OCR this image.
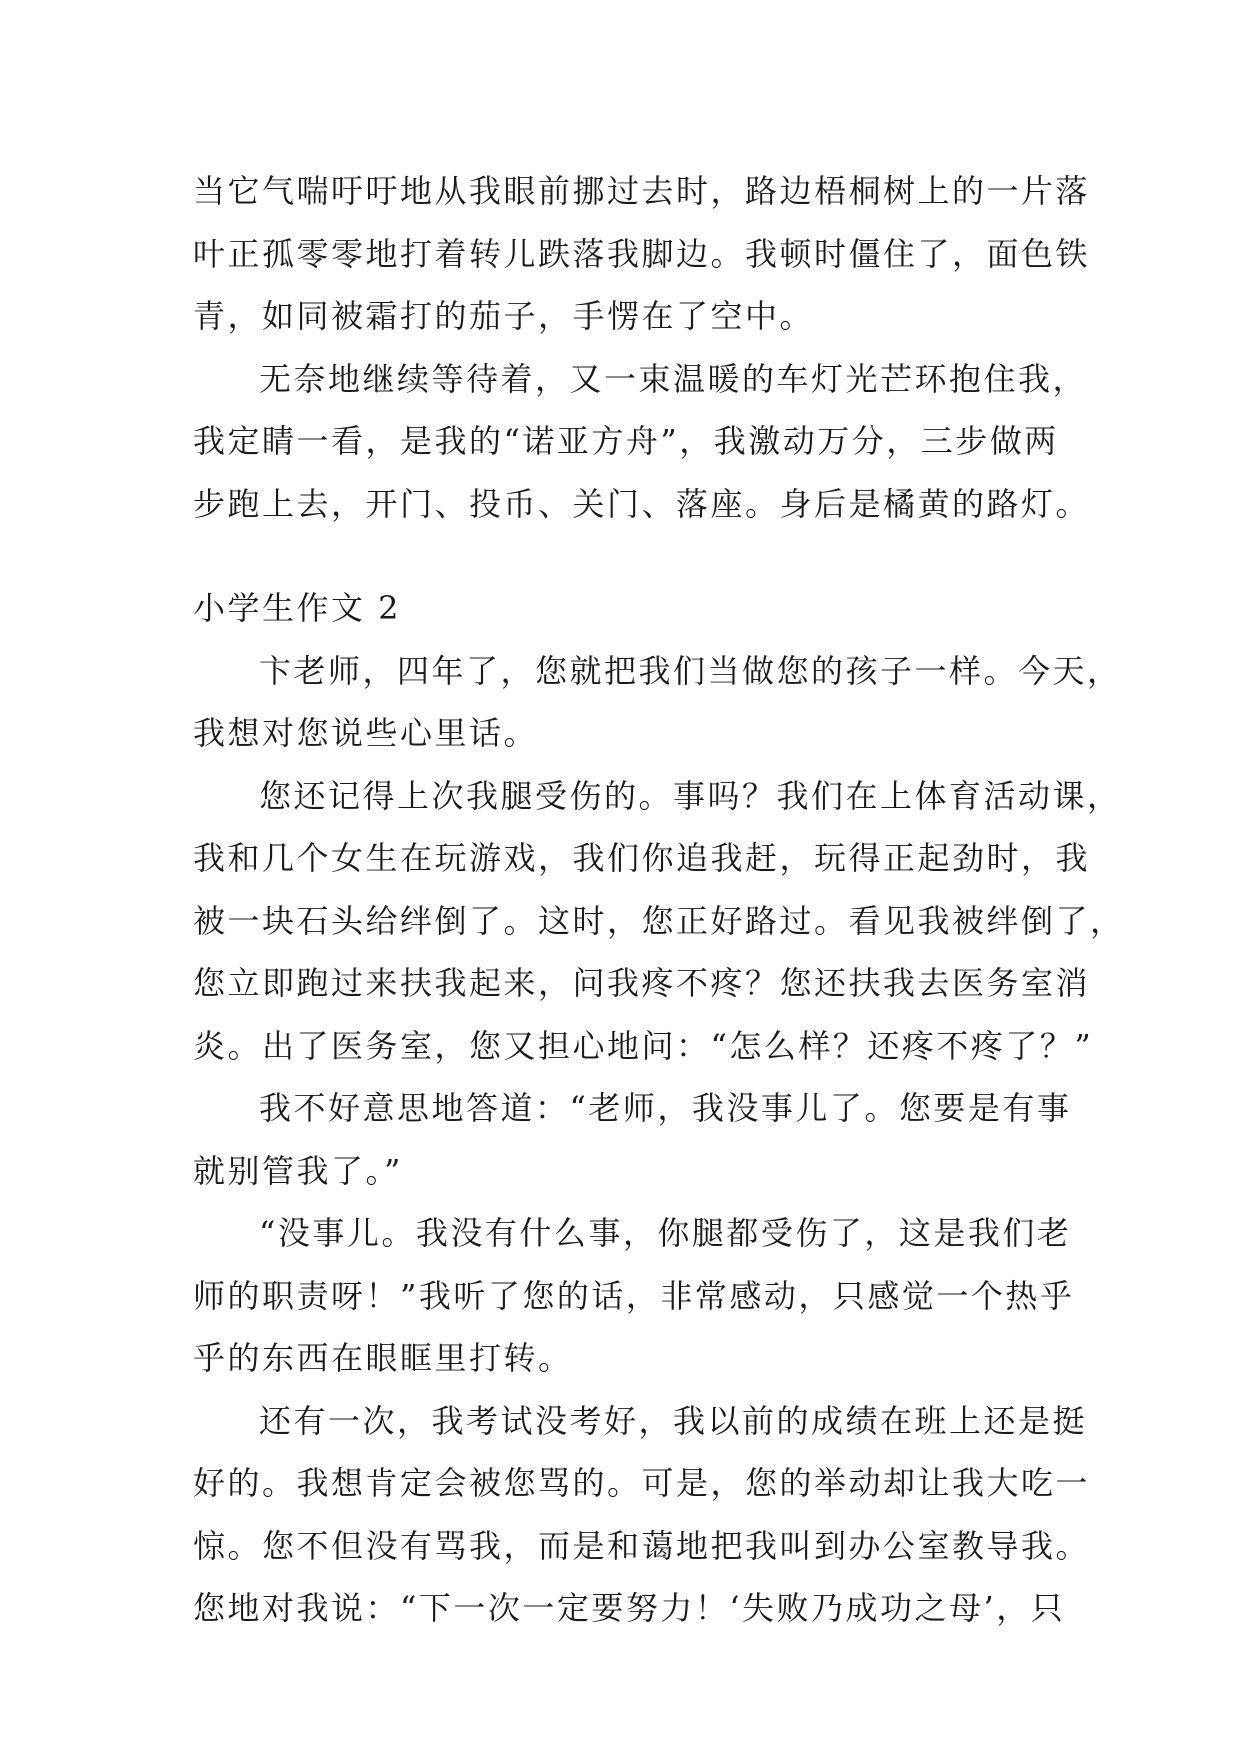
当它气喘吁吁地从我眼前挪过去时，路边梧桐树上的一片落
叶正孤零零地打着转儿跌落我脚边。我顿时僵住了，面色铁
青，如同被霜打的茄子，手愣在了空中。
无奈地继续等待着，又一束温暖的车灯光芒环抱住我，
我定睛一看，是我的“诺亚方舟”，我激动万分，三步做两
步跑上去，开门、投币、关门、落座。身后是橘黄的路灯。
小学生作文 2
卞老师，四年了，您就把我们当做您的孩子一样。今天，
我想对您说些心里话。
您还记得上次我腿受伤的。事吗？我们在上体育活动课，
我和几个女生在玩游戏，我们你追我赶，玩得正起劲时，我
被一块石头给绊倒了。这时，您正好路过。看见我被绊倒了，
您立即跑过来扶我起来，问我疼不疼？您还扶我去医务室消
炎。出了医务室，您又担心地问：“怎么样？还疼不疼了？”
我不好意思地答道：“老师，我没事儿了。您要是有事
就别管我了。”
“没事儿。我没有什么事，你腿都受伤了，这是我们老
师的职责呀！”我听了您的话，非常感动，只感觉一个热乎
乎的东西在眼眶里打转。
还有一次，我考试没考好，我以前的成绩在班上还是挺
好的。我想肯定会被您骂的。可是，您的举动却让我大吃一
惊。您不但没有骂我，而是和蔼地把我叫到办公室教导我。
您地对我说：“下一次一定要努力！‘失败乃成功之母’，只
